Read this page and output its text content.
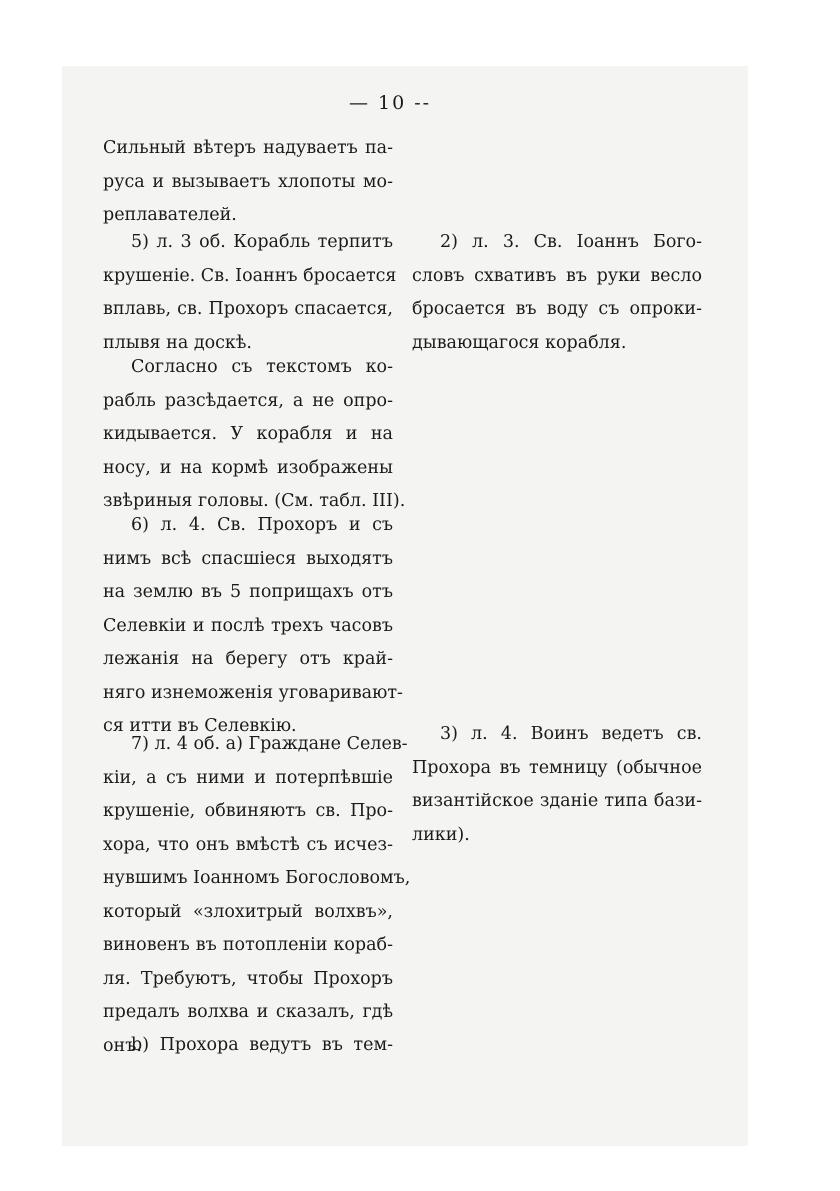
— 10 --
Сильный вѣтеръ надуваетъ па-
руса и вызываетъ хлопоты мо-
реплавателей.
5) л. 3 об. Корабль терпитъ
крушеніе. Св. Іоаннъ бросается
вплавь, св. Прохоръ спасается,
плывя на доскѣ.
Согласно съ текстомъ ко-
рабль разсѣдается, а не опро-
кидывается. У корабля и на
носу, и на кормѣ изображены
звѣриныя головы. (См. табл. III).
6) л. 4. Св. Прохоръ и съ
нимъ всѣ спасшіеся выходятъ
на землю въ 5 поприщахъ отъ
Селевкіи и послѣ трехъ часовъ
лежанія на берегу отъ край-
няго изнеможенія уговаривают-
ся итти въ Селевкію.
7) л. 4 об. a) Граждане Селев-
кіи, а съ ними и потерпѣвшіе
крушеніе, обвиняютъ св. Про-
хора, что онъ вмѣстѣ съ исчез-
нувшимъ Іоанномъ Богословомъ,
который «злохитрый волхвъ»,
виновенъ въ потопленіи кораб-
ля. Требуютъ, чтобы Прохоръ
предалъ волхва и сказалъ, гдѣ
онъ.
b) Прохора ведутъ въ тем-
2) л. 3. Св. Іоаннъ Бого-
словъ схвативъ въ руки весло
бросается въ воду съ опроки-
дывающагося корабля.
3) л. 4. Воинъ ведетъ св.
Прохора въ темницу (обычное
византійское зданіе типа бази-
лики).
